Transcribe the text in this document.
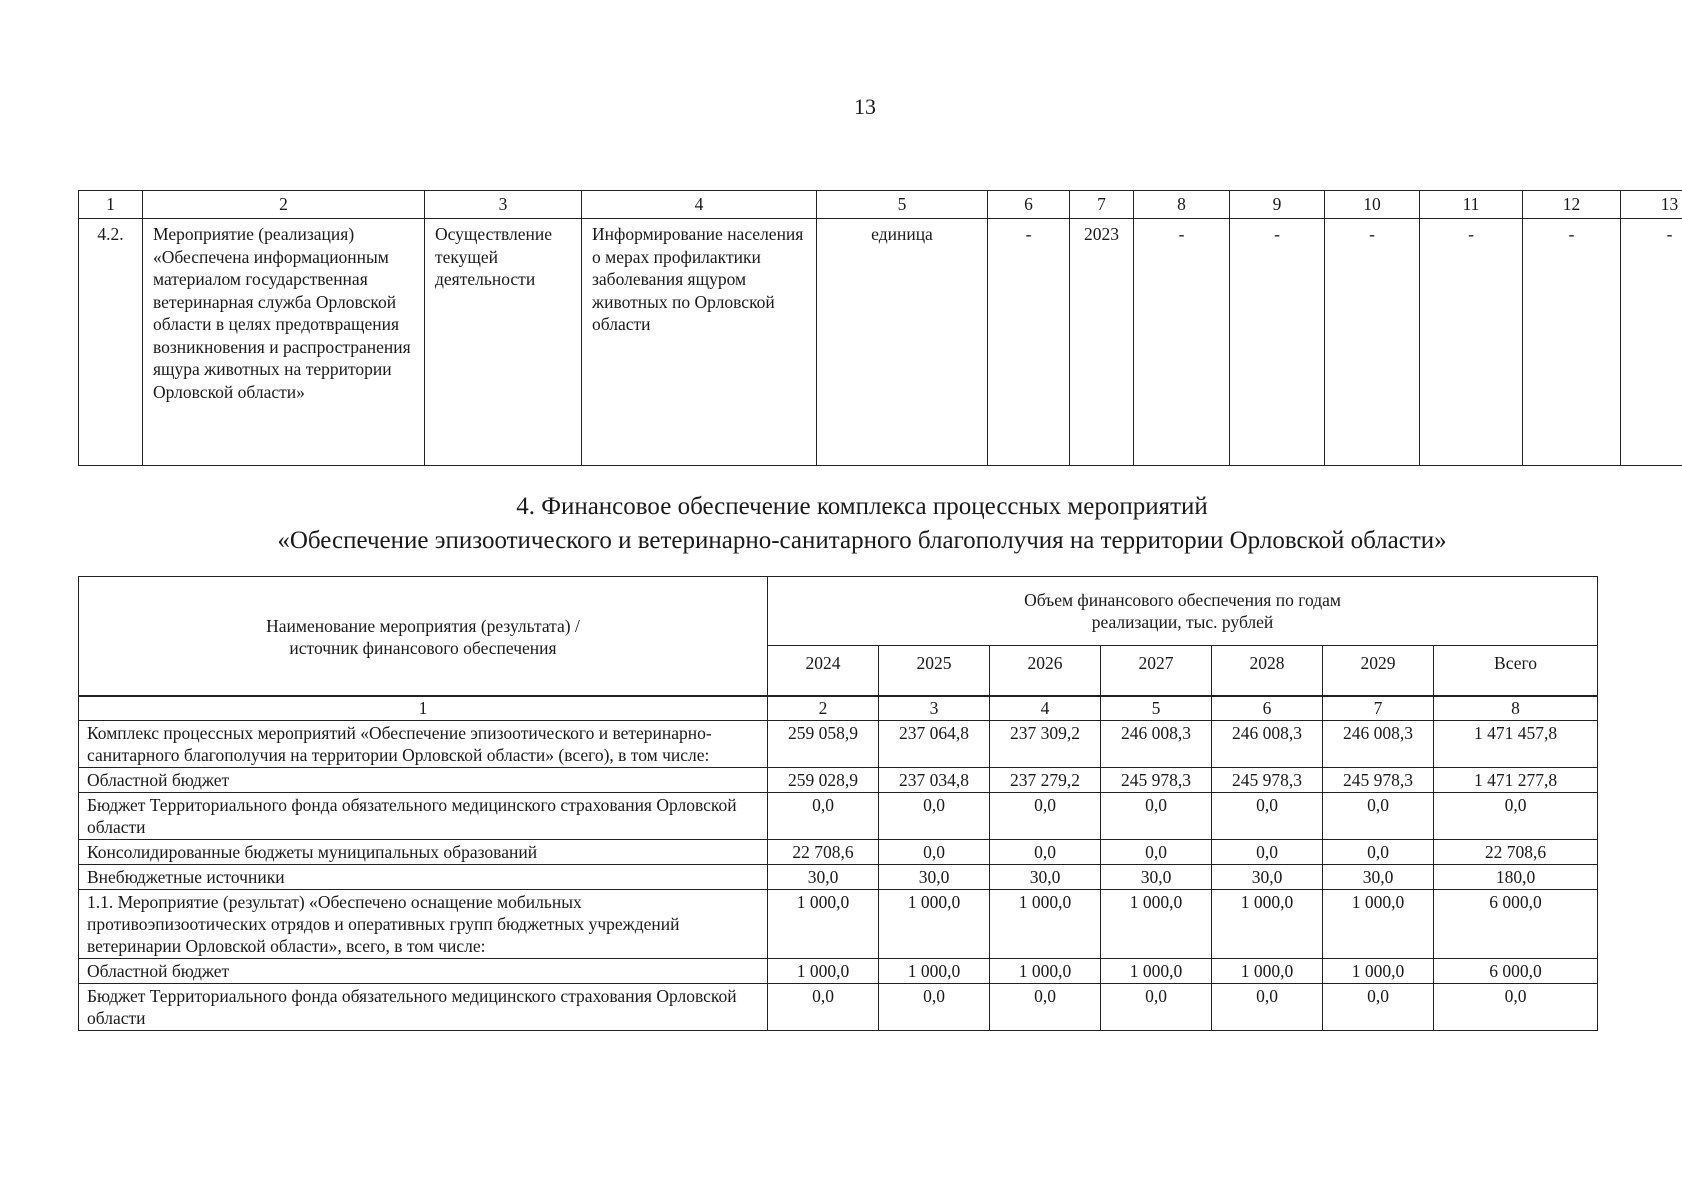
13
1	2	3	4	5	6	7	8	9	10	11	12	13
4.2.	Мероприятие (реализация) «Обеспечена информационным материалом государственная ветеринарная служба Орловской области в целях предотвращения возникновения и распространения ящура животных на территории Орловской области»	Осуществление текущей деятельности	Информирование населения о мерах профилактики заболевания ящуром животных по Орловской области	единица	-	2023	-	-	-	-	-	-
4. Финансовое обеспечение комплекса процессных мероприятий
«Обеспечение эпизоотического и ветеринарно-санитарного благополучия на территории Орловской области»
Наименование мероприятия (результата) / источник финансового обеспечения	Объем финансового обеспечения по годам реализации, тыс. рублей						
	2024	2025	2026	2027	2028	2029	Всего
1	2	3	4	5	6	7	8
Комплекс процессных мероприятий «Обеспечение эпизоотического и ветеринарно-санитарного благополучия на территории Орловской области» (всего), в том числе:	259 058,9	237 064,8	237 309,2	246 008,3	246 008,3	246 008,3	1 471 457,8
Областной бюджет	259 028,9	237 034,8	237 279,2	245 978,3	245 978,3	245 978,3	1 471 277,8
Бюджет Территориального фонда обязательного медицинского страхования Орловской области	0,0	0,0	0,0	0,0	0,0	0,0	0,0
Консолидированные бюджеты муниципальных образований	22 708,6	0,0	0,0	0,0	0,0	0,0	22 708,6
Внебюджетные источники	30,0	30,0	30,0	30,0	30,0	30,0	180,0
1.1. Мероприятие (результат) «Обеспечено оснащение мобильных противоэпизоотических отрядов и оперативных групп бюджетных учреждений ветеринарии Орловской области», всего, в том числе:	1 000,0	1 000,0	1 000,0	1 000,0	1 000,0	1 000,0	6 000,0
Областной бюджет	1 000,0	1 000,0	1 000,0	1 000,0	1 000,0	1 000,0	6 000,0
Бюджет Территориального фонда обязательного медицинского страхования Орловской области	0,0	0,0	0,0	0,0	0,0	0,0	0,0
